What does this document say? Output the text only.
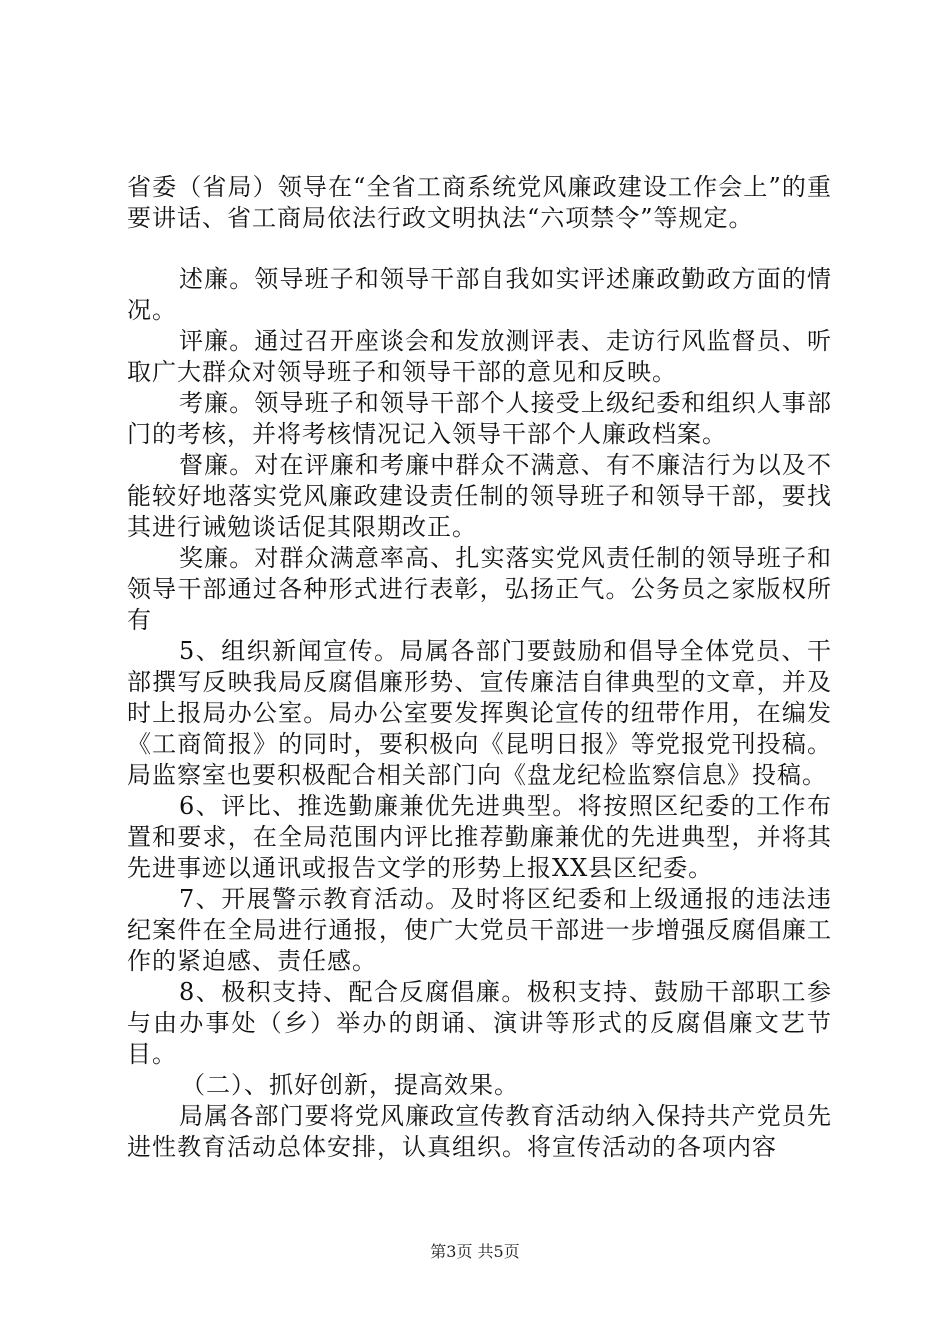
省委（省局）领导在“全省工商系统党风廉政建设工作会上”的重要讲话、省工商局依法行政文明执法“六项禁令”等规定。

述廉。领导班子和领导干部自我如实评述廉政勤政方面的情况。

评廉。通过召开座谈会和发放测评表、走访行风监督员、听取广大群众对领导班子和领导干部的意见和反映。

考廉。领导班子和领导干部个人接受上级纪委和组织人事部门的考核，并将考核情况记入领导干部个人廉政档案。

督廉。对在评廉和考廉中群众不满意、有不廉洁行为以及不能较好地落实党风廉政建设责任制的领导班子和领导干部，要找其进行诫勉谈话促其限期改正。

奖廉。对群众满意率高、扎实落实党风责任制的领导班子和领导干部通过各种形式进行表彰，弘扬正气。公务员之家版权所有

5、组织新闻宣传。局属各部门要鼓励和倡导全体党员、干部撰写反映我局反腐倡廉形势、宣传廉洁自律典型的文章，并及时上报局办公室。局办公室要发挥舆论宣传的纽带作用，在编发《工商简报》的同时，要积极向《昆明日报》等党报党刊投稿。局监察室也要积极配合相关部门向《盘龙纪检监察信息》投稿。

6、评比、推选勤廉兼优先进典型。将按照区纪委的工作布置和要求，在全局范围内评比推荐勤廉兼优的先进典型，并将其先进事迹以通讯或报告文学的形势上报XX县区纪委。

7、开展警示教育活动。及时将区纪委和上级通报的违法违纪案件在全局进行通报，使广大党员干部进一步增强反腐倡廉工作的紧迫感、责任感。

8、极积支持、配合反腐倡廉。极积支持、鼓励干部职工参与由办事处（乡）举办的朗诵、演讲等形式的反腐倡廉文艺节目。

（二）、抓好创新，提高效果。

局属各部门要将党风廉政宣传教育活动纳入保持共产党员先进性教育活动总体安排，认真组织。将宣传活动的各项内容

第3页 共5页
